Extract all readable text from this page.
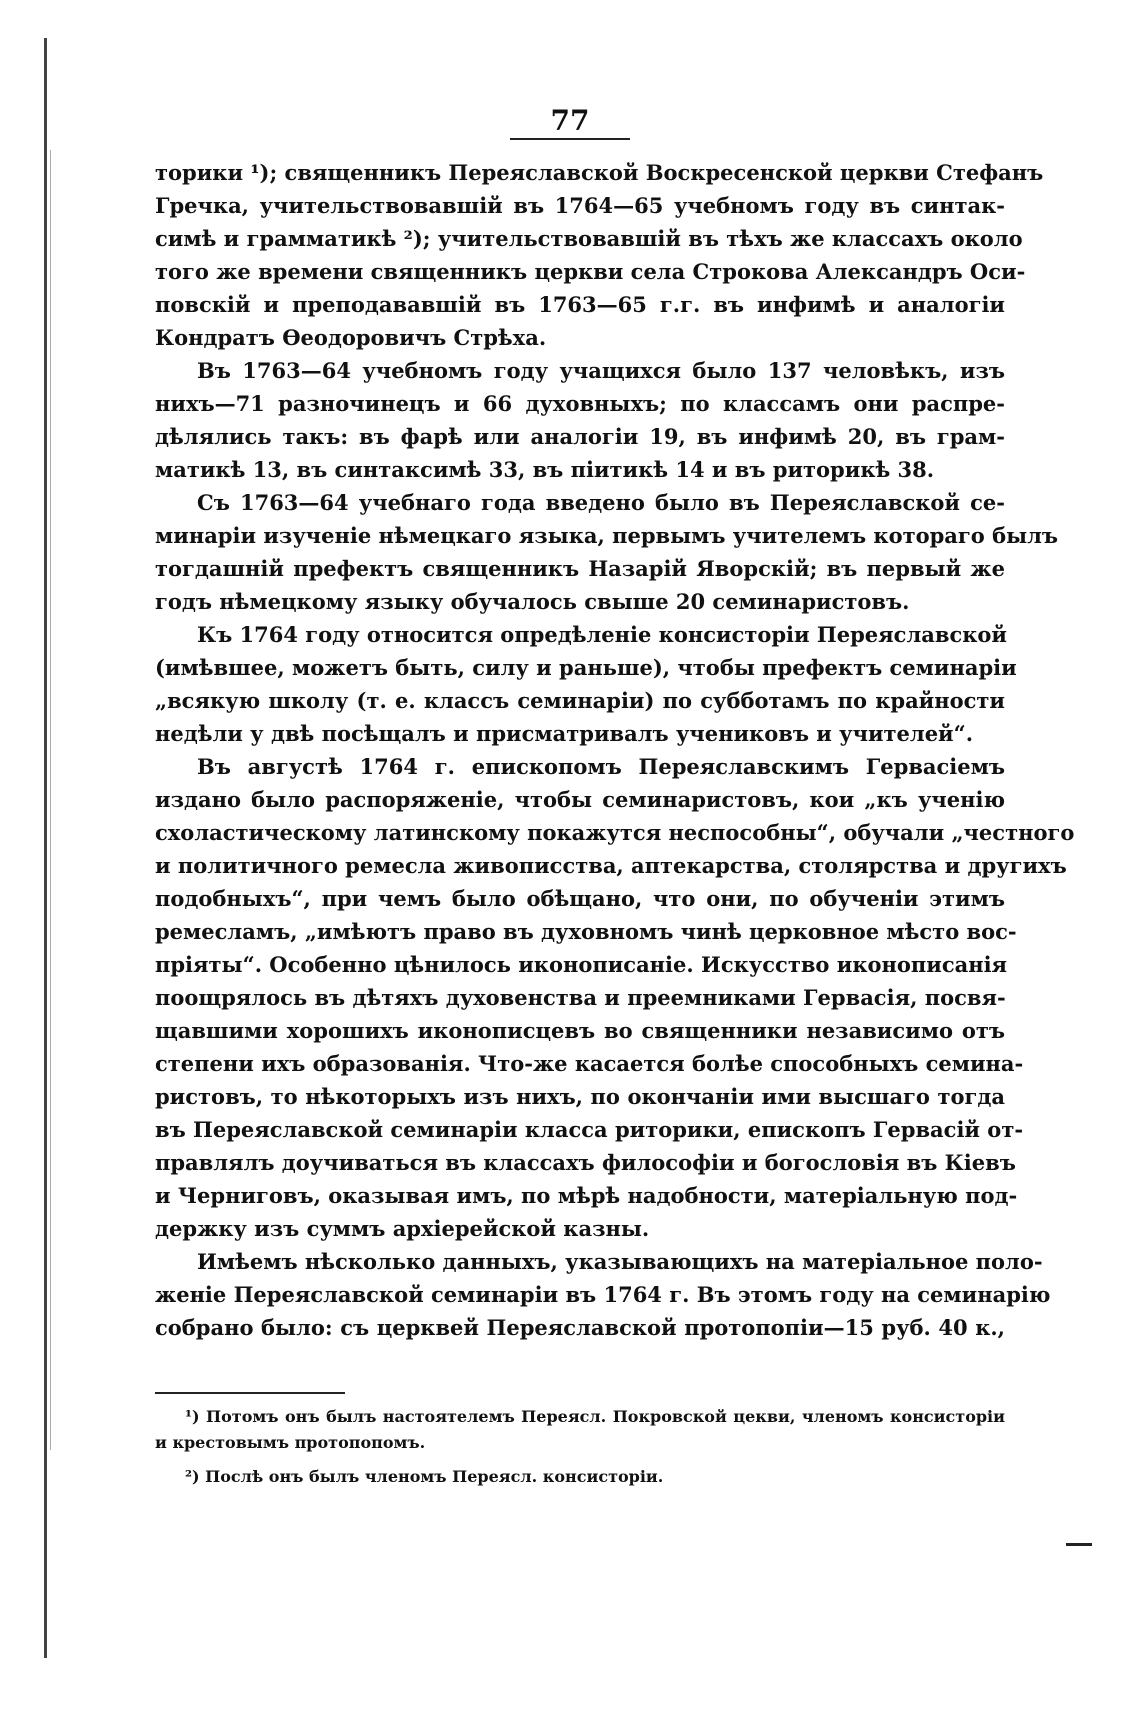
77
торики ¹); священникъ Переяславской Воскресенской церкви Стефанъ
Гречка, учительствовавшій въ 1764—65 учебномъ году въ синтак-
симѣ и грамматикѣ ²); учительствовавшій въ тѣхъ же классахъ около
того же времени священникъ церкви села Строкова Александръ Оси-
повскій и преподававшій въ 1763—65 г.г. въ инфимѣ и аналогіи
Кондратъ Ѳеодоровичъ Стрѣха.
Въ 1763—64 учебномъ году учащихся было 137 человѣкъ, изъ
нихъ—71 разночинецъ и 66 духовныхъ; по классамъ они распре-
дѣлялись такъ: въ фарѣ или аналогіи 19, въ инфимѣ 20, въ грам-
матикѣ 13, въ синтаксимѣ 33, въ піитикѣ 14 и въ риторикѣ 38.
Съ 1763—64 учебнаго года введено было въ Переяславской се-
минаріи изученіе нѣмецкаго языка, первымъ учителемъ котораго былъ
тогдашній префектъ священникъ Назарій Яворскій; въ первый же
годъ нѣмецкому языку обучалось свыше 20 семинаристовъ.
Къ 1764 году относится опредѣленіе консисторіи Переяславской
(имѣвшее, можетъ быть, силу и раньше), чтобы префектъ семинаріи
„всякую школу (т. е. классъ семинаріи) по субботамъ по крайности
недѣли у двѣ посѣщалъ и присматривалъ учениковъ и учителей“.
Въ августѣ 1764 г. епископомъ Переяславскимъ Гервасіемъ
издано было распоряженіе, чтобы семинаристовъ, кои „къ ученію
схоластическому латинскому покажутся неспособны“, обучали „честного
и политичного ремесла живописства, аптекарства, столярства и другихъ
подобныхъ“, при чемъ было обѣщано, что они, по обученіи этимъ
ремесламъ, „имѣютъ право въ духовномъ чинѣ церковное мѣсто вос-
пріяты“. Особенно цѣнилось иконописаніе. Искусство иконописанія
поощрялось въ дѣтяхъ духовенства и преемниками Гервасія, посвя-
щавшими хорошихъ иконописцевъ во священники независимо отъ
степени ихъ образованія. Что-же касается болѣе способныхъ семина-
ристовъ, то нѣкоторыхъ изъ нихъ, по окончаніи ими высшаго тогда
въ Переяславской семинаріи класса риторики, епископъ Гервасій от-
правлялъ доучиваться въ классахъ философіи и богословія въ Кіевъ
и Черниговъ, оказывая имъ, по мѣрѣ надобности, матеріальную под-
держку изъ суммъ архіерейской казны.
Имѣемъ нѣсколько данныхъ, указывающихъ на матеріальное поло-
женіе Переяславской семинаріи въ 1764 г. Въ этомъ году на семинарію
собрано было: съ церквей Переяславской протопопіи—15 руб. 40 к.,
¹) Потомъ онъ былъ настоятелемъ Переясл. Покровской цекви, членомъ консисторіи
и крестовымъ протопопомъ.
²) Послѣ онъ былъ членомъ Переясл. консисторіи.
